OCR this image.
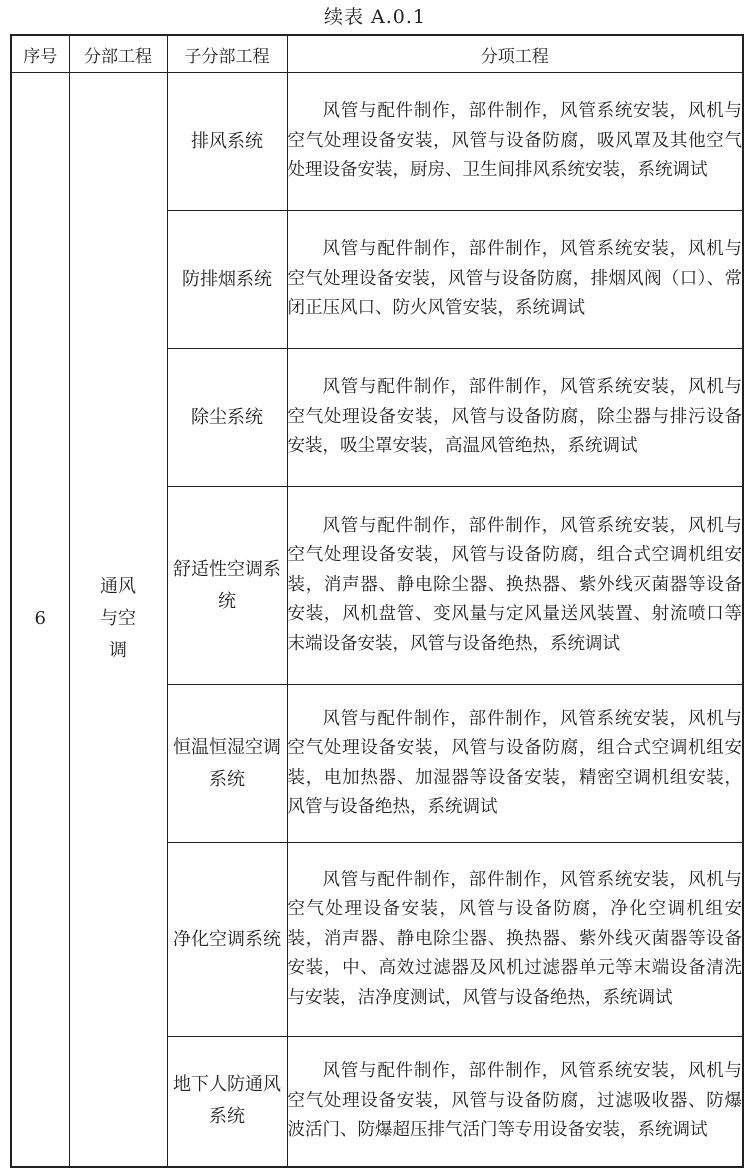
续表 A.0.1
序号	分部工程	子分部工程	分项工程
6	通风与空调	排风系统	风管与配件制作，部件制作，风管系统安装，风机与空气处理设备安装，风管与设备防腐，吸风罩及其他空气处理设备安装，厨房、卫生间排风系统安装，系统调试

		防排烟系统	风管与配件制作，部件制作，风管系统安装，风机与空气处理设备安装，风管与设备防腐，排烟风阀（口）、常闭正压风口、防火风管安装，系统调试

		除尘系统	风管与配件制作，部件制作，风管系统安装，风机与空气处理设备安装，风管与设备防腐，除尘器与排污设备安装，吸尘罩安装，高温风管绝热，系统调试

		舒适性空调系统	风管与配件制作，部件制作，风管系统安装，风机与空气处理设备安装，风管与设备防腐，组合式空调机组安装，消声器、静电除尘器、换热器、紫外线灭菌器等设备安装，风机盘管、变风量与定风量送风装置、射流喷口等末端设备安装，风管与设备绝热，系统调试

		恒温恒湿空调系统	风管与配件制作，部件制作，风管系统安装，风机与空气处理设备安装，风管与设备防腐，组合式空调机组安装，电加热器、加湿器等设备安装，精密空调机组安装，风管与设备绝热，系统调试

		净化空调系统	风管与配件制作，部件制作，风管系统安装，风机与空气处理设备安装，风管与设备防腐，净化空调机组安装，消声器、静电除尘器、换热器、紫外线灭菌器等设备安装，中、高效过滤器及风机过滤器单元等末端设备清洗与安装，洁净度测试，风管与设备绝热，系统调试

		地下人防通风系统	风管与配件制作，部件制作，风管系统安装，风机与空气处理设备安装，风管与设备防腐，过滤吸收器、防爆波活门、防爆超压排气活门等专用设备安装，系统调试
